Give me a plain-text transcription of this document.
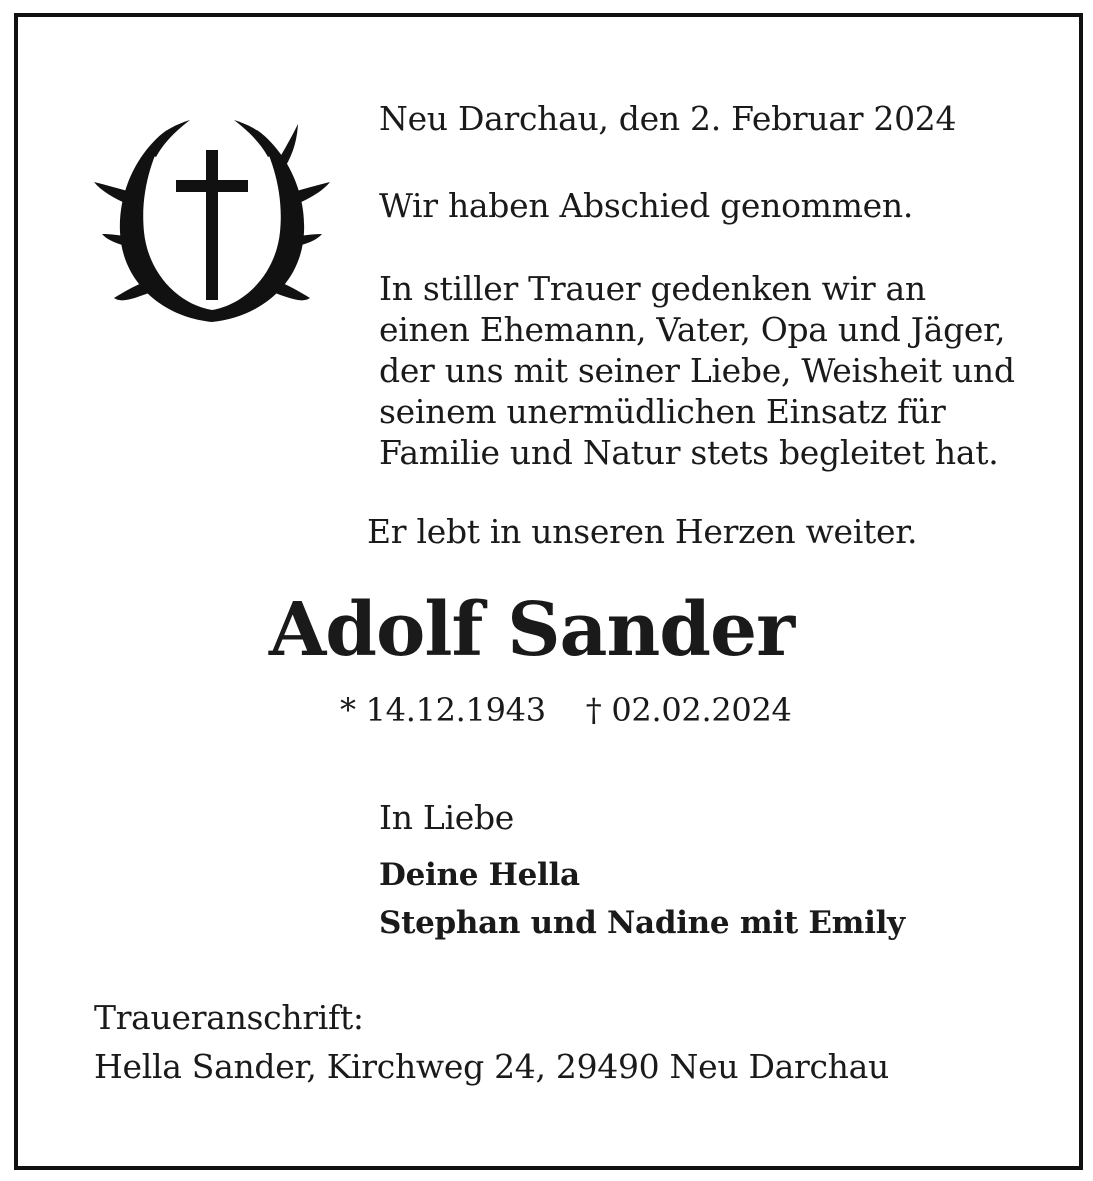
Neu Darchau, den 2. Februar 2024
Wir haben Abschied genommen.
In stiller Trauer gedenken wir an
einen Ehemann, Vater, Opa und Jäger,
der uns mit seiner Liebe, Weisheit und
seinem unermüdlichen Einsatz für
Familie und Natur stets begleitet hat.
Er lebt in unseren Herzen weiter.
Adolf Sander
* 14.12.1943 † 02.02.2024
In Liebe
Deine Hella
Stephan und Nadine mit Emily
Traueranschrift:
Hella Sander, Kirchweg 24, 29490 Neu Darchau
